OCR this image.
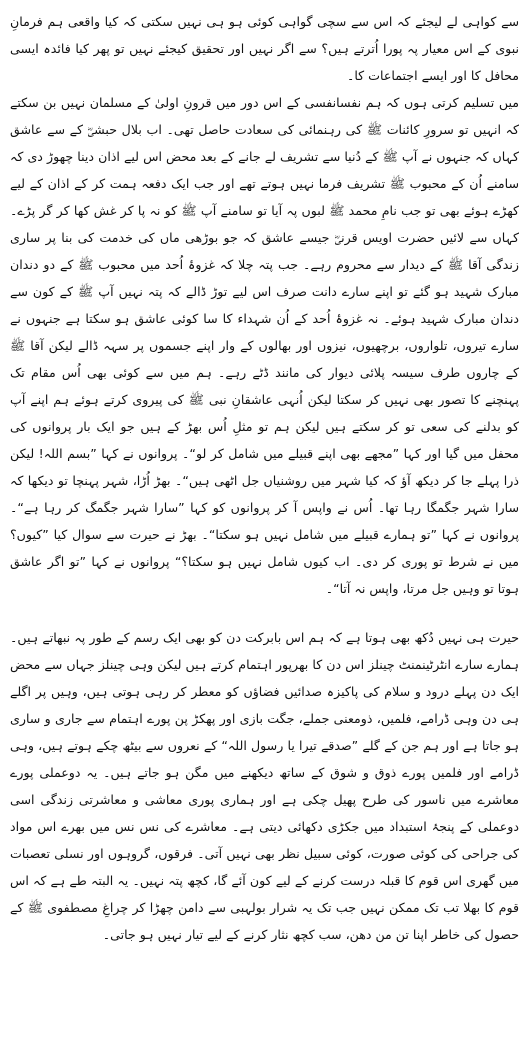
سے کواہی لے لیجئے کہ اس سے سچی گواہی کوئی ہو ہی نہیں سکتی کہ کیا واقعی ہم فرمانِ نبوی کے اس معیار پہ پورا اُترتے ہیں؟ سے اگر نہیں اور تحقیق کیجئے نہیں تو پھر کیا فائدہ ایسی محافل کا اور ایسے اجتماعات کا۔

میں تسلیم کرتی ہوں کہ ہم نفسانفسی کے اس دور میں قرونِ اولیٰ کے مسلمان نہیں بن سکتے کہ انہیں تو سرورِ کائنات ﷺ کی رہنمائی کی سعادت حاصل تھی۔ اب بلال حبشیؓ کے سے عاشق کہاں کہ جنہوں نے آپ ﷺ کے دُنیا سے تشریف لے جانے کے بعد محض اس لیے اذان دینا چھوڑ دی کہ سامنے اُن کے محبوب ﷺ تشریف فرما نہیں ہوتے تھے اور جب ایک دفعہ ہمت کر کے اذان کے لیے کھڑے ہوئے بھی تو جب نامِ محمد ﷺ لبوں پہ آیا تو سامنے آپ ﷺ کو نہ پا کر غش کھا کر گر پڑے۔ کہاں سے لائیں حضرت اویس قرنیؓ جیسے عاشق کہ جو بوڑھی ماں کی خدمت کی بنا پر ساری زندگی آقا ﷺ کے دیدار سے محروم رہے۔ جب پتہ چلا کہ غزوۂ اُحد میں محبوب ﷺ کے دو دندان مبارک شہید ہو گئے تو اپنے سارے دانت صرف اس لیے توڑ ڈالے کہ پتہ نہیں آپ ﷺ کے کون سے دندان مبارک شہید ہوئے۔ نہ غزوۂ اُحد کے اُن شہداء کا سا کوئی عاشق ہو سکتا ہے جنہوں نے سارے تیروں، تلواروں، برچھیوں، نیزوں اور بھالوں کے وار اپنے جسموں پر سہہ ڈالے لیکن آقا ﷺ کے چاروں طرف سیسہ پلائی دیوار کی مانند ڈٹے رہے۔ ہم میں سے کوئی بھی اُس مقام تک پہنچنے کا تصور بھی نہیں کر سکتا لیکن اُنہی عاشقانِ نبی ﷺ کی پیروی کرتے ہوئے ہم اپنے آپ کو بدلنے کی سعی تو کر سکتے ہیں لیکن ہم تو مثلِ اُس بھڑ کے ہیں جو ایک بار پروانوں کی محفل میں گیا اور کہا ”مجھے بھی اپنے قبیلے میں شامل کر لو“۔ پروانوں نے کہا ”بسم اللہ! لیکن ذرا پہلے جا کر دیکھ آؤ کہ کیا شہر میں روشنیاں جل اٹھی ہیں“۔ بھڑ اُڑا، شہر پہنچا تو دیکھا کہ سارا شہر جگمگا رہا تھا۔ اُس نے واپس آ کر پروانوں کو کہا ”سارا شہر جگمگ کر رہا ہے“۔ پروانوں نے کہا ”تو ہمارے قبیلے میں شامل نہیں ہو سکتا“۔ بھڑ نے حیرت سے سوال کیا ”کیوں؟ میں نے شرط تو پوری کر دی۔ اب کیوں شامل نہیں ہو سکتا؟“ پروانوں نے کہا ”تو اگر عاشق ہوتا تو وہیں جل مرتا، واپس نہ آتا“۔

حیرت ہی نہیں دُکھ بھی ہوتا ہے کہ ہم اس بابرکت دن کو بھی ایک رسم کے طور پہ نبھاتے ہیں۔ ہمارے سارے انٹرٹینمنٹ چینلز اس دن کا بھرپور اہتمام کرتے ہیں لیکن وہی چینلز جہاں سے محض ایک دن پہلے درود و سلام کی پاکیزہ صدائیں فضاؤں کو معطر کر رہی ہوتی ہیں، وہیں پر اگلے ہی دن وہی ڈرامے، فلمیں، ذومعنی جملے، جگت بازی اور پھکڑ پن پورے اہتمام سے جاری و ساری ہو جاتا ہے اور ہم جن کے گلے ”صدقے تیرا یا رسول اللہ“ کے نعروں سے بیٹھ چکے ہوتے ہیں، وہی ڈرامے اور فلمیں پورے ذوق و شوق کے ساتھ دیکھنے میں مگن ہو جاتے ہیں۔ یہ دوعملی پورے معاشرے میں ناسور کی طرح پھیل چکی ہے اور ہماری پوری معاشی و معاشرتی زندگی اسی دوعملی کے پنجۂ استبداد میں جکڑی دکھائی دیتی ہے۔ معاشرے کی نس نس میں بھرے اس مواد کی جراحی کی کوئی صورت، کوئی سبیل نظر بھی نہیں آتی۔ فرقوں، گروہوں اور نسلی تعصبات میں گھری اس قوم کا قبلہ درست کرنے کے لیے کون آئے گا، کچھ پتہ نہیں۔ یہ البتہ طے ہے کہ اس قوم کا بھلا تب تک ممکن نہیں جب تک یہ شرار بولہبی سے دامن چھڑا کر چراغِ مصطفوی ﷺ کے حصول کی خاطر اپنا تن من دھن، سب کچھ نثار کرنے کے لیے تیار نہیں ہو جاتی۔
